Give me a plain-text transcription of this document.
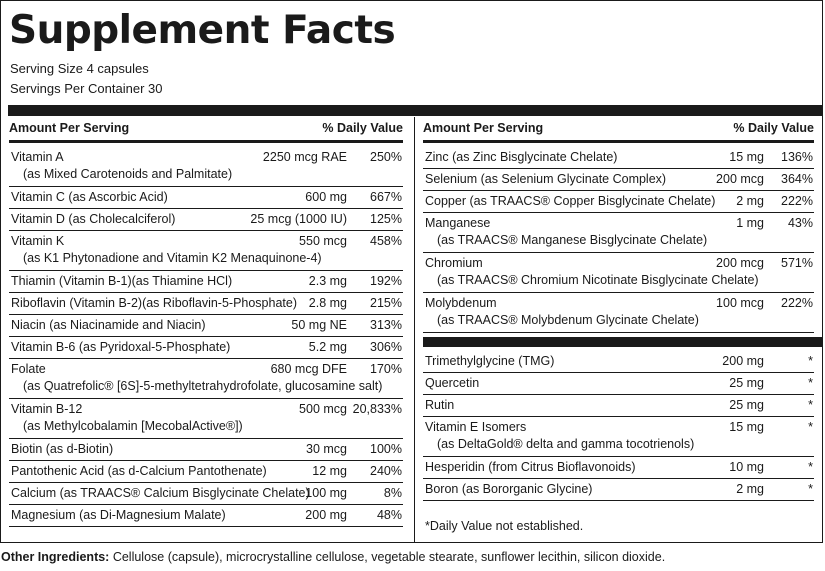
Supplement Facts
Serving Size 4 capsules
Servings Per Container 30
Amount Per Serving	% Daily Value
Vitamin A
(as Mixed Carotenoids and Palmitate)
2250 mcg RAE 250%
Vitamin C (as Ascorbic Acid)	600 mg 667%
Vitamin D (as Cholecalciferol)	25 mcg (1000 IU) 125%
Vitamin K
(as K1 Phytonadione and Vitamin K2 Menaquinone-4)
550 mcg 458%
Thiamin (Vitamin B-1)(as Thiamine HCl)	2.3 mg 192%
Riboflavin (Vitamin B-2)(as Riboflavin-5-Phosphate) 2.8 mg 215%
Niacin (as Niacinamide and Niacin)	50 mg NE 313%
Vitamin B-6 (as Pyridoxal-5-Phosphate)	5.2 mg 306%
Folate
(as Quatrefolic® [6S]-5-methyltetrahydrofolate, glucosamine salt)
680 mcg DFE 170%
Vitamin B-12
(as Methylcobalamin [MecobalActive®])
500 mcg 20,833%
Biotin (as d-Biotin)	30 mcg 100%
Pantothenic Acid (as d-Calcium Pantothenate)	12 mg 240%
Calcium (as TRAACS® Calcium Bisglycinate Chelate)
100 mg	8%
Magnesium (as Di-Magnesium Malate)	200 mg 48%
Amount Per Serving	% Daily Value
Zinc (as Zinc Bisglycinate Chelate)	15 mg 136%
Selenium (as Selenium Glycinate Complex)	200 mcg 364%
Copper (as TRAACS® Copper Bisglycinate Chelate) 2 mg 222%
Manganese
(as TRAACS® Manganese Bisglycinate Chelate)
1 mg 43%
Chromium
(as TRAACS® Chromium Nicotinate Bisglycinate Chelate)
200 mcg 571%
Molybdenum
(as TRAACS® Molybdenum Glycinate Chelate)
100 mcg 222%
Trimethylglycine (TMG)	200 mg	*
Quercetin	25 mg	*
Rutin	25 mg	*
Vitamin E Isomers
(as DeltaGold® delta and gamma tocotrienols)
15 mg	*
Hesperidin (from Citrus Bioflavonoids)	10 mg	*
Boron (as Bororganic Glycine)	2 mg	*
*Daily Value not established.
Other Ingredients: Cellulose (capsule), microcrystalline cellulose, vegetable stearate, sunflower lecithin, silicon dioxide.
